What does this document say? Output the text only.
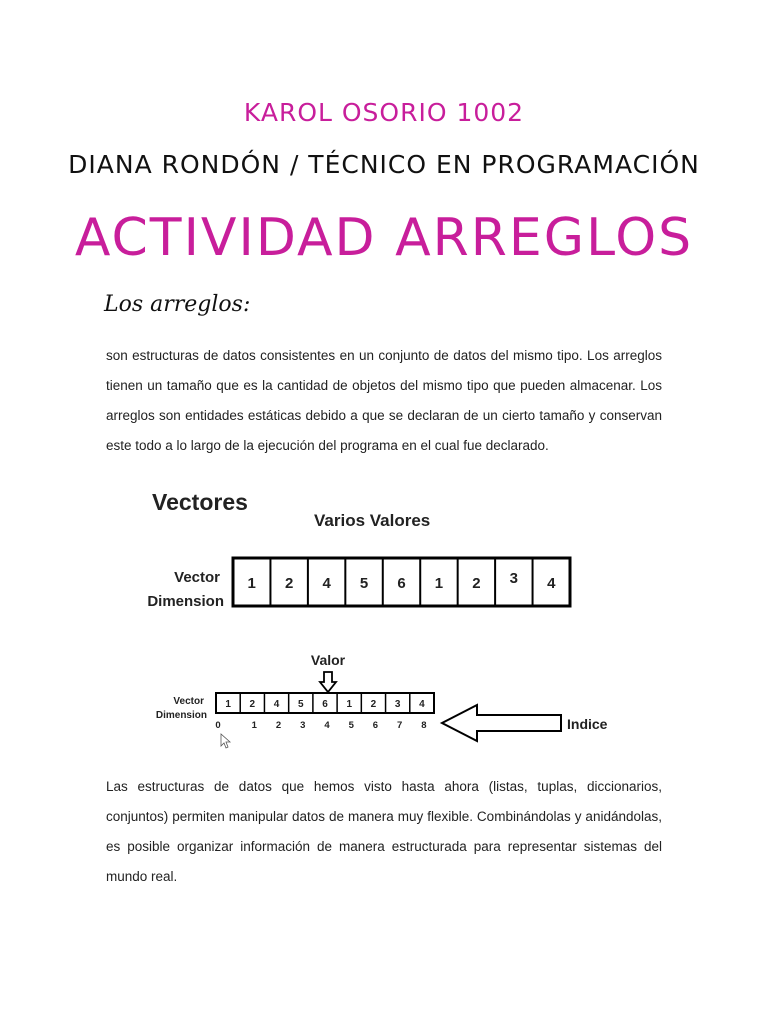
KAROL OSORIO 1002
DIANA RONDÓN / TÉCNICO EN PROGRAMACIÓN
ACTIVIDAD ARREGLOS
Los arreglos:
son estructuras de datos consistentes en un conjunto de datos del mismo tipo. Los arreglos tienen un tamaño que es la cantidad de objetos del mismo tipo que pueden almacenar. Los arreglos son entidades estáticas debido a que se declaran de un cierto tamaño y conservan este todo a lo largo de la ejecución del programa en el cual fue declarado.
Vectores
Varios Valores
Vector
Dimension
1 2 4 5 6 1 2 3 4
Valor
Vector
Dimension
1 2 4 5 6 1 2 3 4
0	1 2 3 4 5 6 7 8	Indice
Las estructuras de datos que hemos visto hasta ahora (listas, tuplas, diccionarios, conjuntos) permiten manipular datos de manera muy flexible. Combinándolas y anidándolas, es posible organizar información de manera estructurada para representar sistemas del mundo real.
